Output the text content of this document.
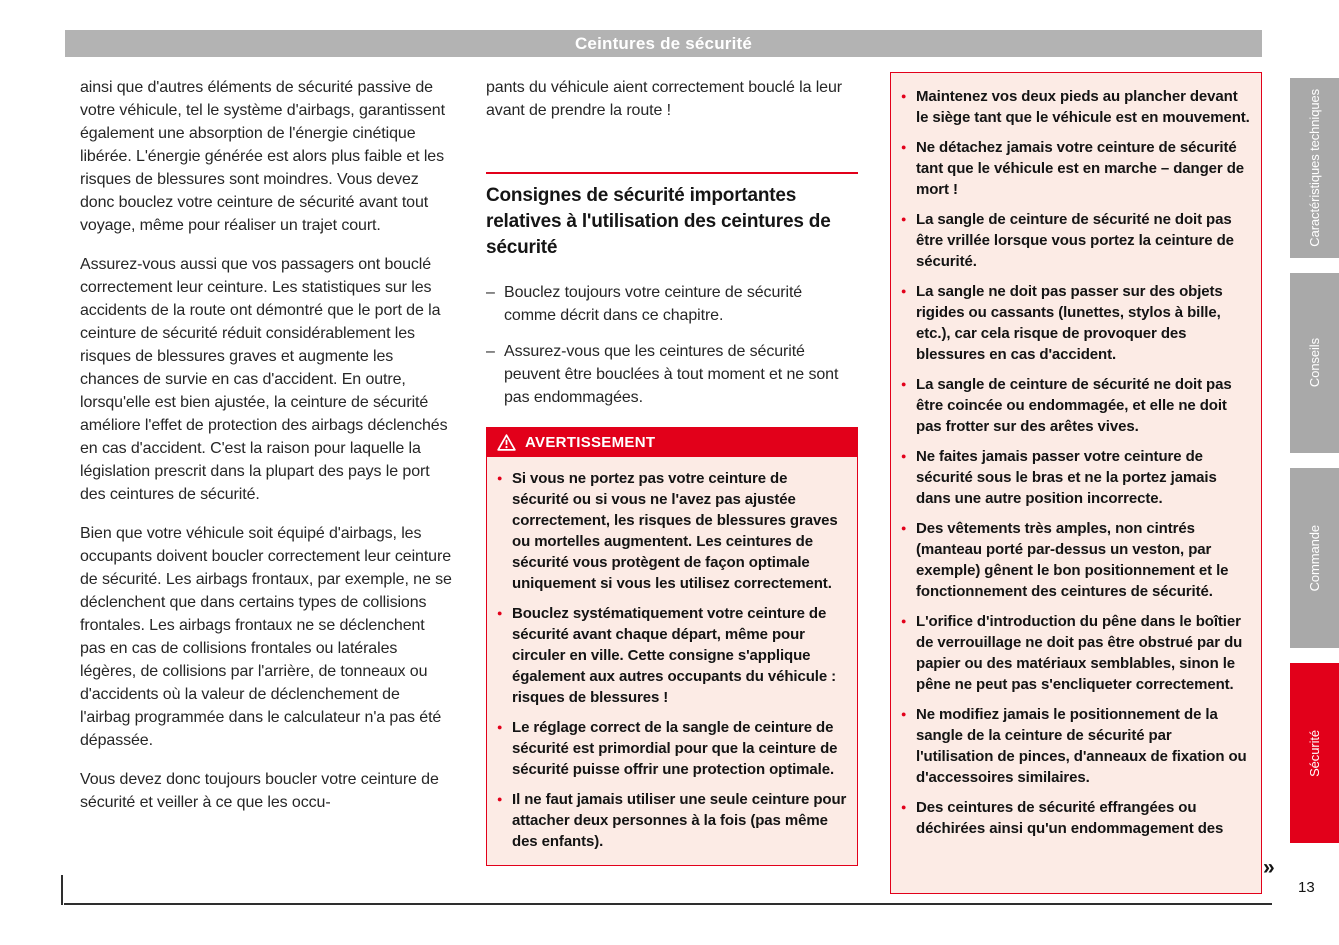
Ceintures de sécurité

ainsi que d'autres éléments de sécurité passive de votre véhicule, tel le système d'airbags, garantissent également une absorption de l'énergie cinétique libérée. L'énergie générée est alors plus faible et les risques de blessures sont moindres. Vous devez donc bouclez votre ceinture de sécurité avant tout voyage, même pour réaliser un trajet court.

Assurez-vous aussi que vos passagers ont bouclé correctement leur ceinture. Les statistiques sur les accidents de la route ont démontré que le port de la ceinture de sécurité réduit considérablement les risques de blessures graves et augmente les chances de survie en cas d'accident. En outre, lorsqu'elle est bien ajustée, la ceinture de sécurité améliore l'effet de protection des airbags déclenchés en cas d'accident. C'est la raison pour laquelle la législation prescrit dans la plupart des pays le port des ceintures de sécurité.

Bien que votre véhicule soit équipé d'airbags, les occupants doivent boucler correctement leur ceinture de sécurité. Les airbags frontaux, par exemple, ne se déclenchent que dans certains types de collisions frontales. Les airbags frontaux ne se déclenchent pas en cas de collisions frontales ou latérales légères, de collisions par l'arrière, de tonneaux ou d'accidents où la valeur de déclenchement de l'airbag programmée dans le calculateur n'a pas été dépassée.

Vous devez donc toujours boucler votre ceinture de sécurité et veiller à ce que les occu-

pants du véhicule aient correctement bouclé la leur avant de prendre la route !

Consignes de sécurité importantes relatives à l'utilisation des ceintures de sécurité
– Bouclez toujours votre ceinture de sécurité comme décrit dans ce chapitre.
– Assurez-vous que les ceintures de sécurité peuvent être bouclées à tout moment et ne sont pas endommagées.
AVERTISSEMENT
● Si vous ne portez pas votre ceinture de sécurité ou si vous ne l'avez pas ajustée correctement, les risques de blessures graves ou mortelles augmentent. Les ceintures de sécurité vous protègent de façon optimale uniquement si vous les utilisez correctement.
● Bouclez systématiquement votre ceinture de sécurité avant chaque départ, même pour circuler en ville. Cette consigne s'applique également aux autres occupants du véhicule : risques de blessures !
● Le réglage correct de la sangle de ceinture de sécurité est primordial pour que la ceinture de sécurité puisse offrir une protection optimale.
● Il ne faut jamais utiliser une seule ceinture pour attacher deux personnes à la fois (pas même des enfants).
● Maintenez vos deux pieds au plancher devant le siège tant que le véhicule est en mouvement.
● Ne détachez jamais votre ceinture de sécurité tant que le véhicule est en marche – danger de mort !
● La sangle de ceinture de sécurité ne doit pas être vrillée lorsque vous portez la ceinture de sécurité.
● La sangle ne doit pas passer sur des objets rigides ou cassants (lunettes, stylos à bille, etc.), car cela risque de provoquer des blessures en cas d'accident.
● La sangle de ceinture de sécurité ne doit pas être coincée ou endommagée, et elle ne doit pas frotter sur des arêtes vives.
● Ne faites jamais passer votre ceinture de sécurité sous le bras et ne la portez jamais dans une autre position incorrecte.
● Des vêtements très amples, non cintrés (manteau porté par-dessus un veston, par exemple) gênent le bon positionnement et le fonctionnement des ceintures de sécurité.
● L'orifice d'introduction du pêne dans le boîtier de verrouillage ne doit pas être obstrué par du papier ou des matériaux semblables, sinon le pêne ne peut pas s'encliqueter correctement.
● Ne modifiez jamais le positionnement de la sangle de la ceinture de sécurité par l'utilisation de pinces, d'anneaux de fixation ou d'accessoires similaires.
● Des ceintures de sécurité effrangées ou déchirées ainsi qu'un endommagement des
Caractéristiques techniques
Conseils
Commande
Sécurité
»
13
